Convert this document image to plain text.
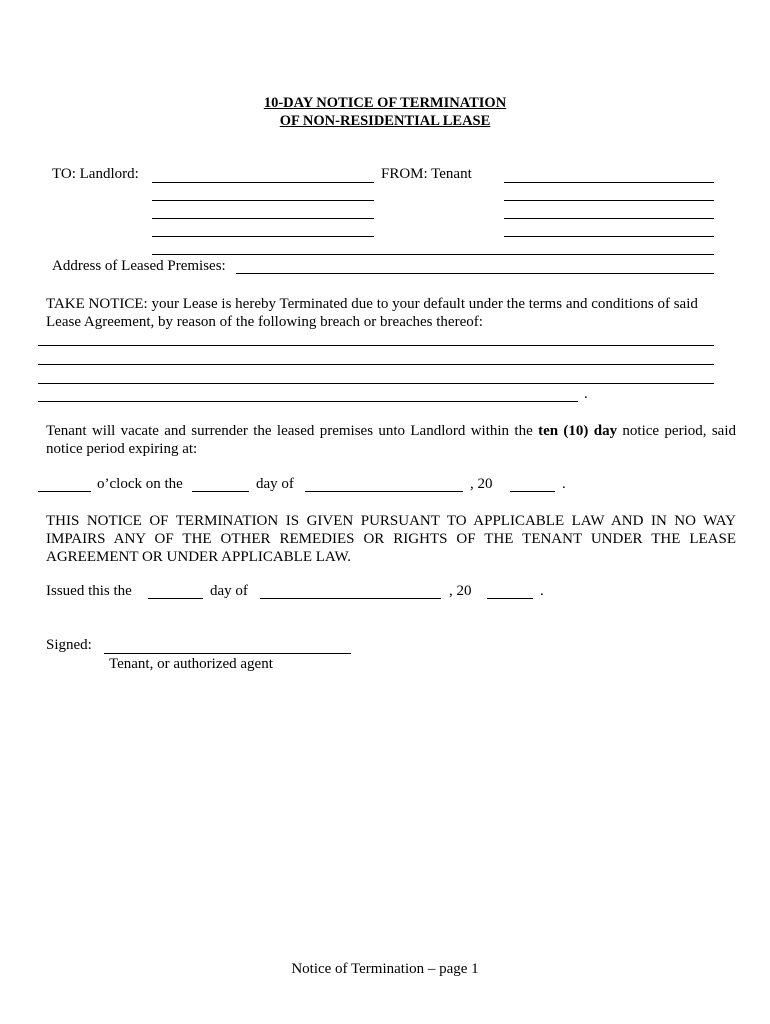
10-DAY NOTICE OF TERMINATION
OF NON-RESIDENTIAL LEASE
TO: Landlord:	FROM: Tenant
Address of Leased Premises:
TAKE NOTICE: your Lease is hereby Terminated due to your default under the terms and conditions of said Lease Agreement, by reason of the following breach or breaches thereof:
.
Tenant will vacate and surrender the leased premises unto Landlord within the ten (10) day notice period, said notice period expiring at:
o’clock on the	day of	, 20	.
THIS NOTICE OF TERMINATION IS GIVEN PURSUANT TO APPLICABLE LAW AND IN NO WAY IMPAIRS ANY OF THE OTHER REMEDIES OR RIGHTS OF THE TENANT UNDER THE LEASE AGREEMENT OR UNDER APPLICABLE LAW.
Issued this the	day of	, 20	.
Signed:
Tenant, or authorized agent
Notice of Termination – page 1
